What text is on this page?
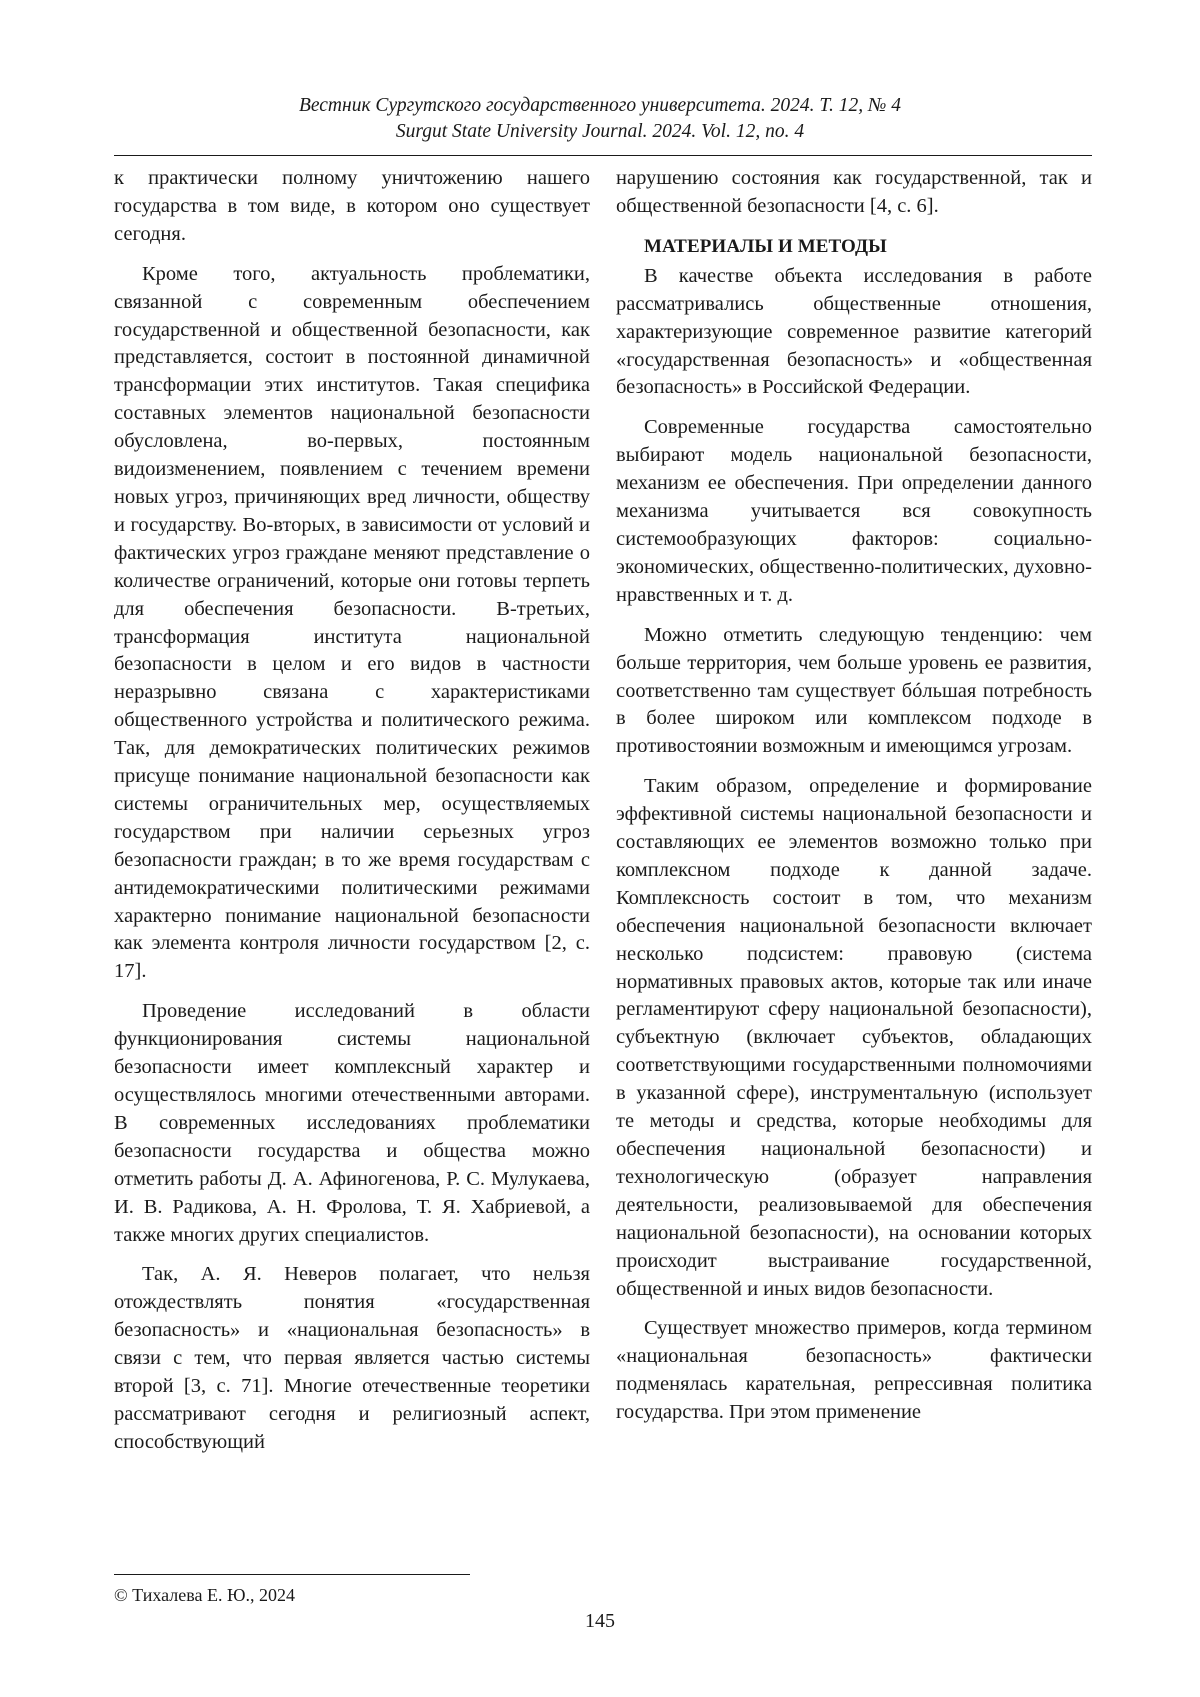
Вестник Сургутского государственного университета. 2024. Т. 12, № 4
Surgut State University Journal. 2024. Vol. 12, no. 4

к практически полному уничтожению нашего государства в том виде, в котором оно существует сегодня.

Кроме того, актуальность проблематики, связанной с современным обеспечением государственной и общественной безопасности, как представляется, состоит в постоянной динамичной трансформации этих институтов. Такая специфика составных элементов национальной безопасности обусловлена, во-первых, постоянным видоизменением, появлением с течением времени новых угроз, причиняющих вред личности, обществу и государству. Во-вторых, в зависимости от условий и фактических угроз граждане меняют представление о количестве ограничений, которые они готовы терпеть для обеспечения безопасности. В-третьих, трансформация института национальной безопасности в целом и его видов в частности неразрывно связана с характеристиками общественного устройства и политического режима. Так, для демократических политических режимов присуще понимание национальной безопасности как системы ограничительных мер, осуществляемых государством при наличии серьезных угроз безопасности граждан; в то же время государствам с антидемократическими политическими режимами характерно понимание национальной безопасности как элемента контроля личности государством [2, с. 17].

Проведение исследований в области функционирования системы национальной безопасности имеет комплексный характер и осуществлялось многими отечественными авторами. В современных исследованиях проблематики безопасности государства и общества можно отметить работы Д. А. Афиногенова, Р. С. Мулукаева, И. В. Радикова, А. Н. Фролова, Т. Я. Хабриевой, а также многих других специалистов.

Так, А. Я. Неверов полагает, что нельзя отождествлять понятия «государственная безопасность» и «национальная безопасность» в связи с тем, что первая является частью системы второй [3, с. 71]. Многие отечественные теоретики рассматривают сегодня и религиозный аспект, способствующий

нарушению состояния как государственной, так и общественной безопасности [4, с. 6].

МАТЕРИАЛЫ И МЕТОДЫ

В качестве объекта исследования в работе рассматривались общественные отношения, характеризующие современное развитие категорий «государственная безопасность» и «общественная безопасность» в Российской Федерации.

Современные государства самостоятельно выбирают модель национальной безопасности, механизм ее обеспечения. При определении данного механизма учитывается вся совокупность системообразующих факторов: социально-экономических, общественно-политических, духовно-нравственных и т. д.

Можно отметить следующую тенденцию: чем больше территория, чем больше уровень ее развития, соответственно там существует бóльшая потребность в более широком или комплексом подходе в противостоянии возможным и имеющимся угрозам.

Таким образом, определение и формирование эффективной системы национальной безопасности и составляющих ее элементов возможно только при комплексном подходе к данной задаче. Комплексность состоит в том, что механизм обеспечения национальной безопасности включает несколько подсистем: правовую (система нормативных правовых актов, которые так или иначе регламентируют сферу национальной безопасности), субъектную (включает субъектов, обладающих соответствующими государственными полномочиями в указанной сфере), инструментальную (использует те методы и средства, которые необходимы для обеспечения национальной безопасности) и технологическую (образует направления деятельности, реализовываемой для обеспечения национальной безопасности), на основании которых происходит выстраивание государственной, общественной и иных видов безопасности.

Существует множество примеров, когда термином «национальная безопасность» фактически подменялась карательная, репрессивная политика государства. При этом применение

© Тихалева Е. Ю., 2024
145
